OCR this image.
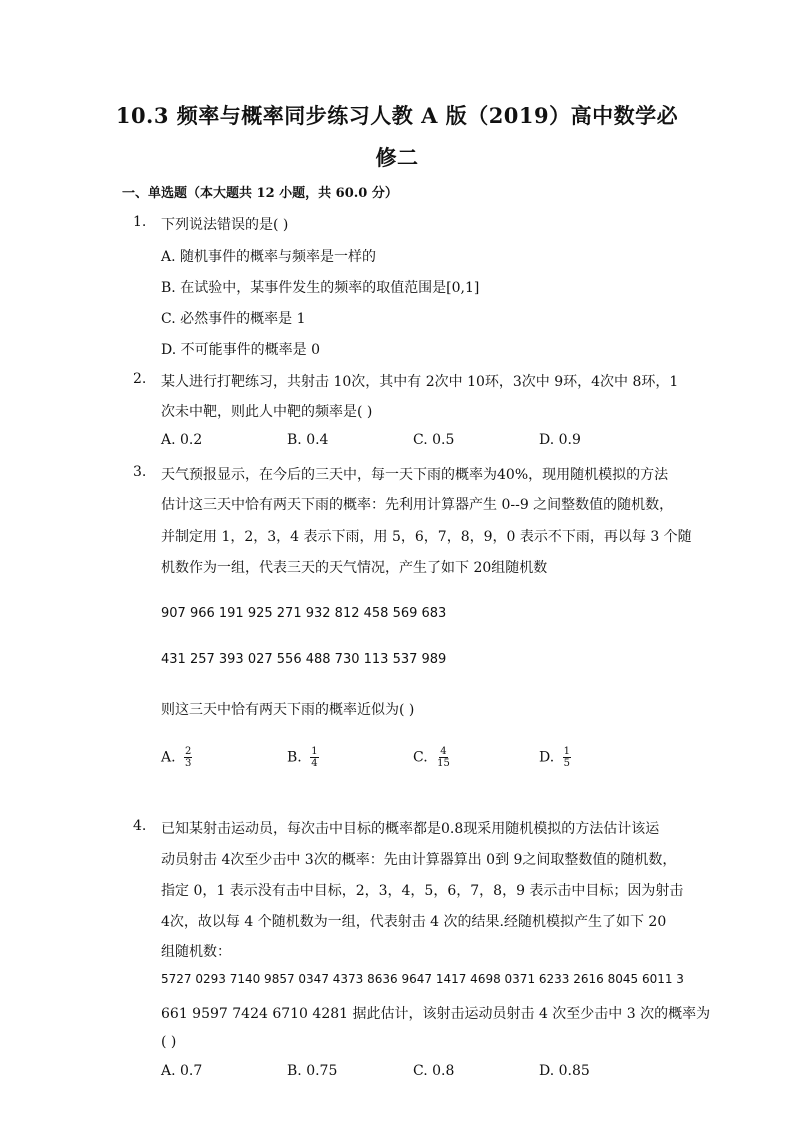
10.3 频率与概率同步练习人教 A 版（2019）高中数学必
修二
一、单选题（本大题共 12 小题，共 60.0 分）
1. 下列说法错误的是( )
A. 随机事件的概率与频率是一样的
B. 在试验中，某事件发生的频率的取值范围是[0,1]
C. 必然事件的概率是 1
D. 不可能事件的概率是 0
2. 某人进行打靶练习，共射击 10次，其中有 2次中 10环，3次中 9环，4次中 8环，1
次未中靶，则此人中靶的频率是( )
A. 0.2	B. 0.4	C. 0.5	D. 0.9
3. 天气预报显示，在今后的三天中，每一天下雨的概率为40%，现用随机模拟的方法
估计这三天中恰有两天下雨的概率：先利用计算器产生 0--9 之间整数值的随机数，
并制定用 1，2，3，4 表示下雨，用 5，6，7，8，9，0 表示不下雨，再以每 3 个随
机数作为一组，代表三天的天气情况，产生了如下 20组随机数
907 966 191 925 271 932 812 458 569 683
431 257 393 027 556 488 730 113 537 989
则这三天中恰有两天下雨的概率近似为( )
A. $\frac{2}{3}$	B. $\frac{1}{4}$	C. $\frac{4}{15}$	D. $\frac{1}{5}$
4. 已知某射击运动员，每次击中目标的概率都是0.8现采用随机模拟的方法估计该运
动员射击 4次至少击中 3次的概率：先由计算器算出 0到 9之间取整数值的随机数，
指定 0，1 表示没有击中目标，2，3，4，5，6，7，8，9 表示击中目标；因为射击
4次，故以每 4 个随机数为一组，代表射击 4 次的结果.经随机模拟产生了如下 20
组随机数：
5727 0293 7140 9857 0347 4373 8636 9647 1417 4698 0371 6233 2616 8045 6011 3
661 9597 7424 6710 4281 据此估计，该射击运动员射击 4 次至少击中 3 次的概率为
( )
A. 0.7	B. 0.75	C. 0.8	D. 0.85
